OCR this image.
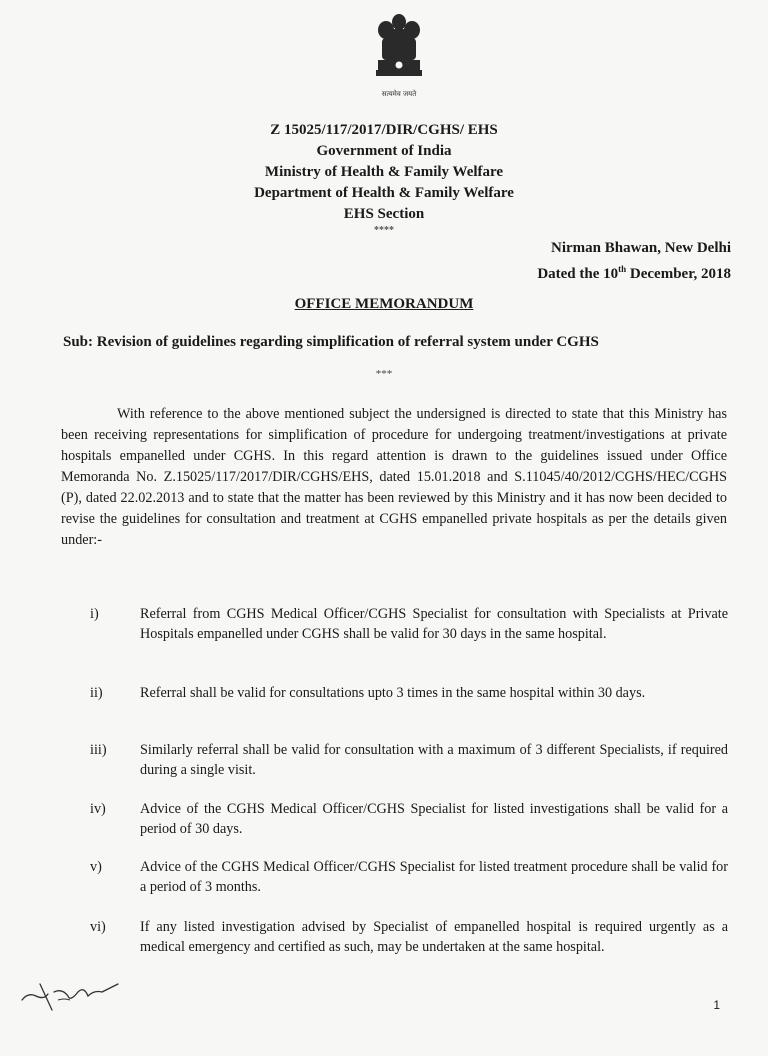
सत्यमेव जयते
Z 15025/117/2017/DIR/CGHS/ EHS
Government of India
Ministry of Health & Family Welfare
Department of Health & Family Welfare
EHS Section
****
Nirman Bhawan, New Delhi
Dated the 10th December, 2018
OFFICE MEMORANDUM
Sub: Revision of guidelines regarding simplification of referral system under CGHS
***
With reference to the above mentioned subject the undersigned is directed to state that this Ministry has been receiving representations for simplification of procedure for undergoing treatment/investigations at private hospitals empanelled under CGHS. In this regard attention is drawn to the guidelines issued under Office Memoranda No. Z.15025/117/2017/DIR/CGHS/EHS, dated 15.01.2018 and S.11045/40/2012/CGHS/HEC/CGHS (P), dated 22.02.2013 and to state that the matter has been reviewed by this Ministry and it has now been decided to revise the guidelines for consultation and treatment at CGHS empanelled private hospitals as per the details given under:-
i)	Referral from CGHS Medical Officer/CGHS Specialist for consultation with Specialists at Private Hospitals empanelled under CGHS shall be valid for 30 days in the same hospital.
ii)	Referral shall be valid for consultations upto 3 times in the same hospital within 30 days.
iii) Similarly referral shall be valid for consultation with a maximum of 3 different Specialists, if required during a single visit.
iv) Advice of the CGHS Medical Officer/CGHS Specialist for listed investigations shall be valid for a period of 30 days.
v)	Advice of the CGHS Medical Officer/CGHS Specialist for listed treatment procedure shall be valid for a period of 3 months.
vi) If any listed investigation advised by Specialist of empanelled hospital is required urgently as a medical emergency and certified as such, may be undertaken at the same hospital.
1
